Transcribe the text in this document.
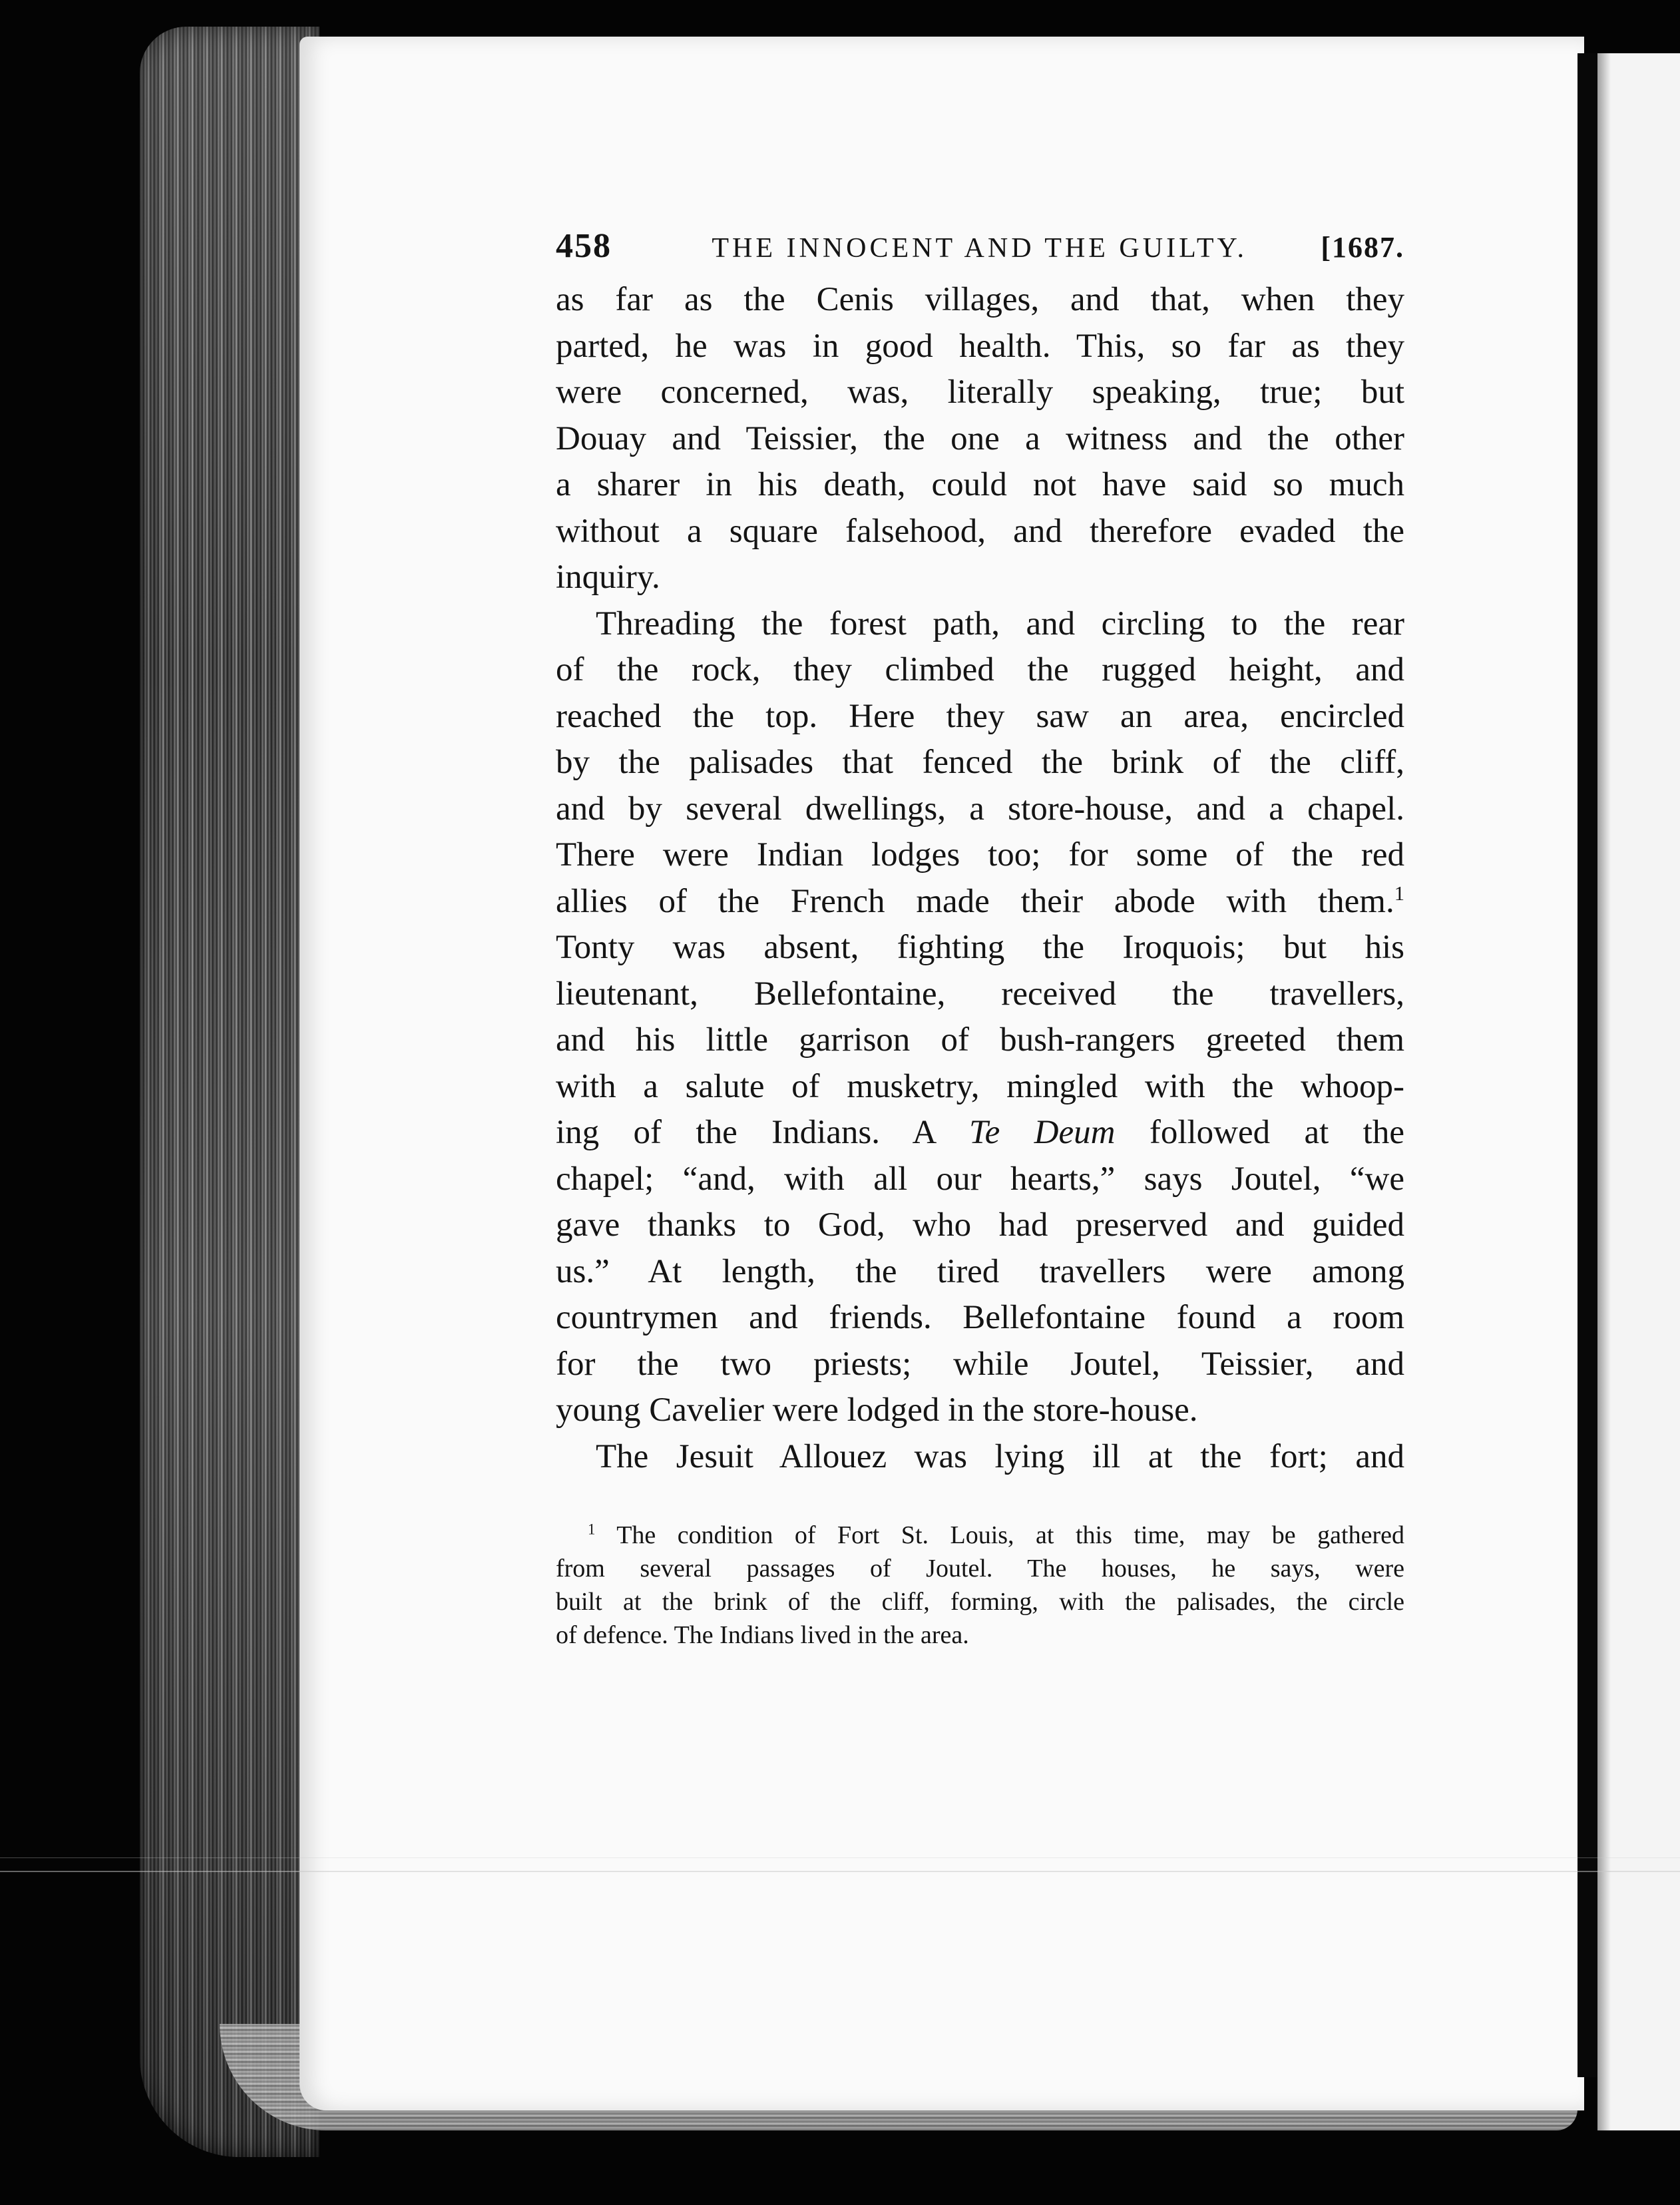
458	THE INNOCENT AND THE GUILTY.	[1687.

as far as the Cenis villages, and that, when they

parted, he was in good health. This, so far as they

were concerned, was, literally speaking, true; but

Douay and Teissier, the one a witness and the other

a sharer in his death, could not have said so much

without a square falsehood, and therefore evaded the

inquiry.

Threading the forest path, and circling to the rear

of the rock, they climbed the rugged height, and

reached the top. Here they saw an area, encircled

by the palisades that fenced the brink of the cliff,

and by several dwellings, a store-house, and a chapel.

There were Indian lodges too; for some of the red

allies of the French made their abode with them.$^1$

Tonty was absent, fighting the Iroquois; but his

lieutenant, Bellefontaine, received the travellers,

and his little garrison of bush-rangers greeted them

with a salute of musketry, mingled with the whoop-

ing of the Indians. A Te Deum followed at the

chapel; “and, with all our hearts,” says Joutel, “we

gave thanks to God, who had preserved and guided

us.” At length, the tired travellers were among

countrymen and friends. Bellefontaine found a room

for the two priests; while Joutel, Teissier, and

young Cavelier were lodged in the store-house.

The Jesuit Allouez was lying ill at the fort; and

$^1$ The condition of Fort St. Louis, at this time, may be gathered

from several passages of Joutel. The houses, he says, were

built at the brink of the cliff, forming, with the palisades, the circle

of defence. The Indians lived in the area.
